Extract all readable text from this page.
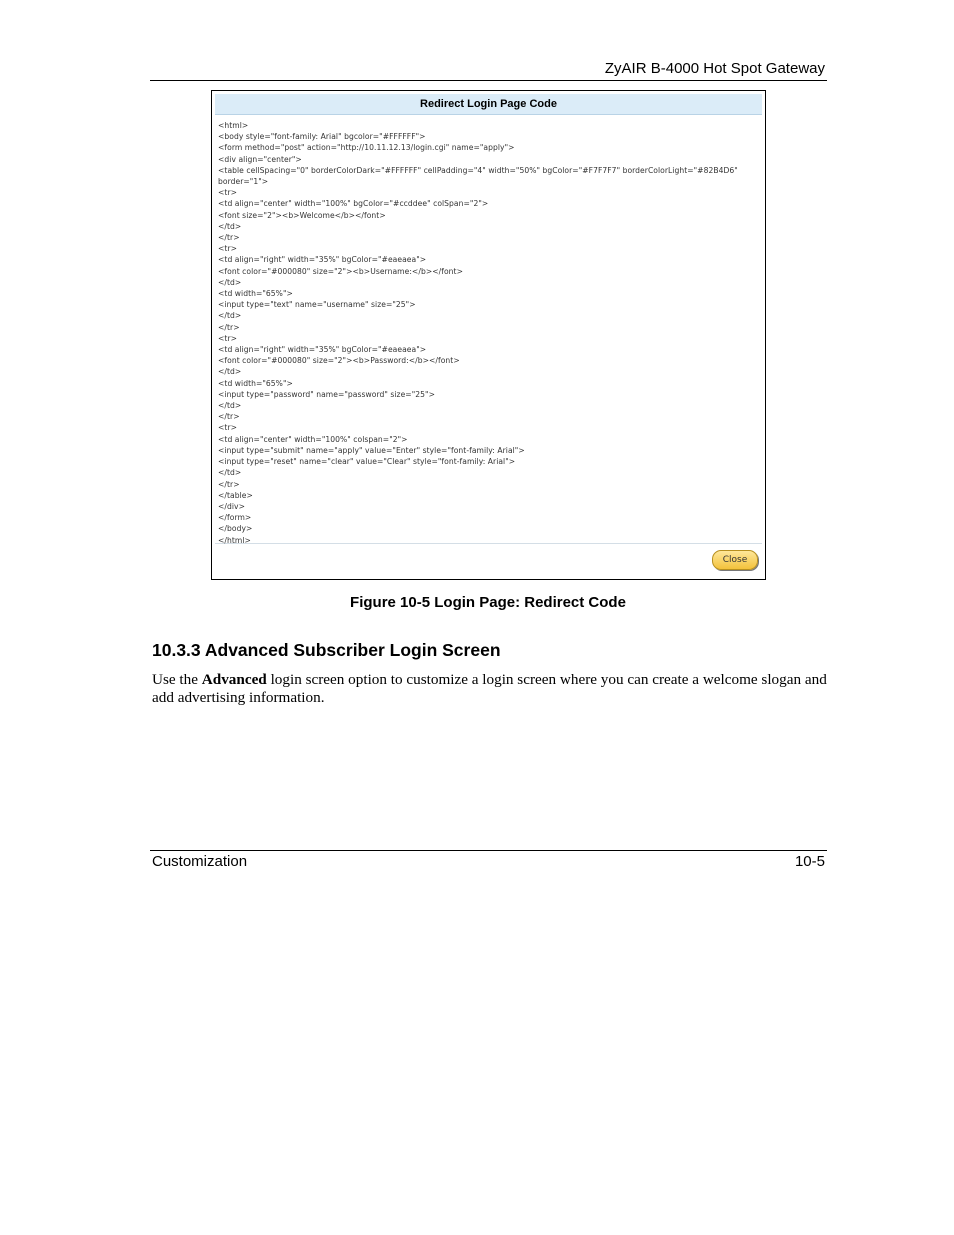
ZyAIR B-4000 Hot Spot Gateway
Redirect Login Page Code
<html>
<body style="font-family: Arial" bgcolor="#FFFFFF">
<form method="post" action="http://10.11.12.13/login.cgi" name="apply">
<div align="center">
<table cellSpacing="0" borderColorDark="#FFFFFF" cellPadding="4" width="50%" bgColor="#F7F7F7" borderColorLight="#82B4D6"
border="1">
<tr>
<td align="center" width="100%" bgColor="#ccddee" colSpan="2">
<font size="2"><b>Welcome</b></font>
</td>
</tr>
<tr>
<td align="right" width="35%" bgColor="#eaeaea">
<font color="#000080" size="2"><b>Username:</b></font>
</td>
<td width="65%">
<input type="text" name="username" size="25">
</td>
</tr>
<tr>
<td align="right" width="35%" bgColor="#eaeaea">
<font color="#000080" size="2"><b>Password:</b></font>
</td>
<td width="65%">
<input type="password" name="password" size="25">
</td>
</tr>
<tr>
<td align="center" width="100%" colspan="2">
<input type="submit" name="apply" value="Enter" style="font-family: Arial">
<input type="reset" name="clear" value="Clear" style="font-family: Arial">
</td>
</tr>
</table>
</div>
</form>
</body>
</html>
Close
Figure 10-5 Login Page: Redirect Code
10.3.3 Advanced Subscriber Login Screen
Use the Advanced login screen option to customize a login screen where you can create a welcome slogan and add advertising information.
Customization	10-5
